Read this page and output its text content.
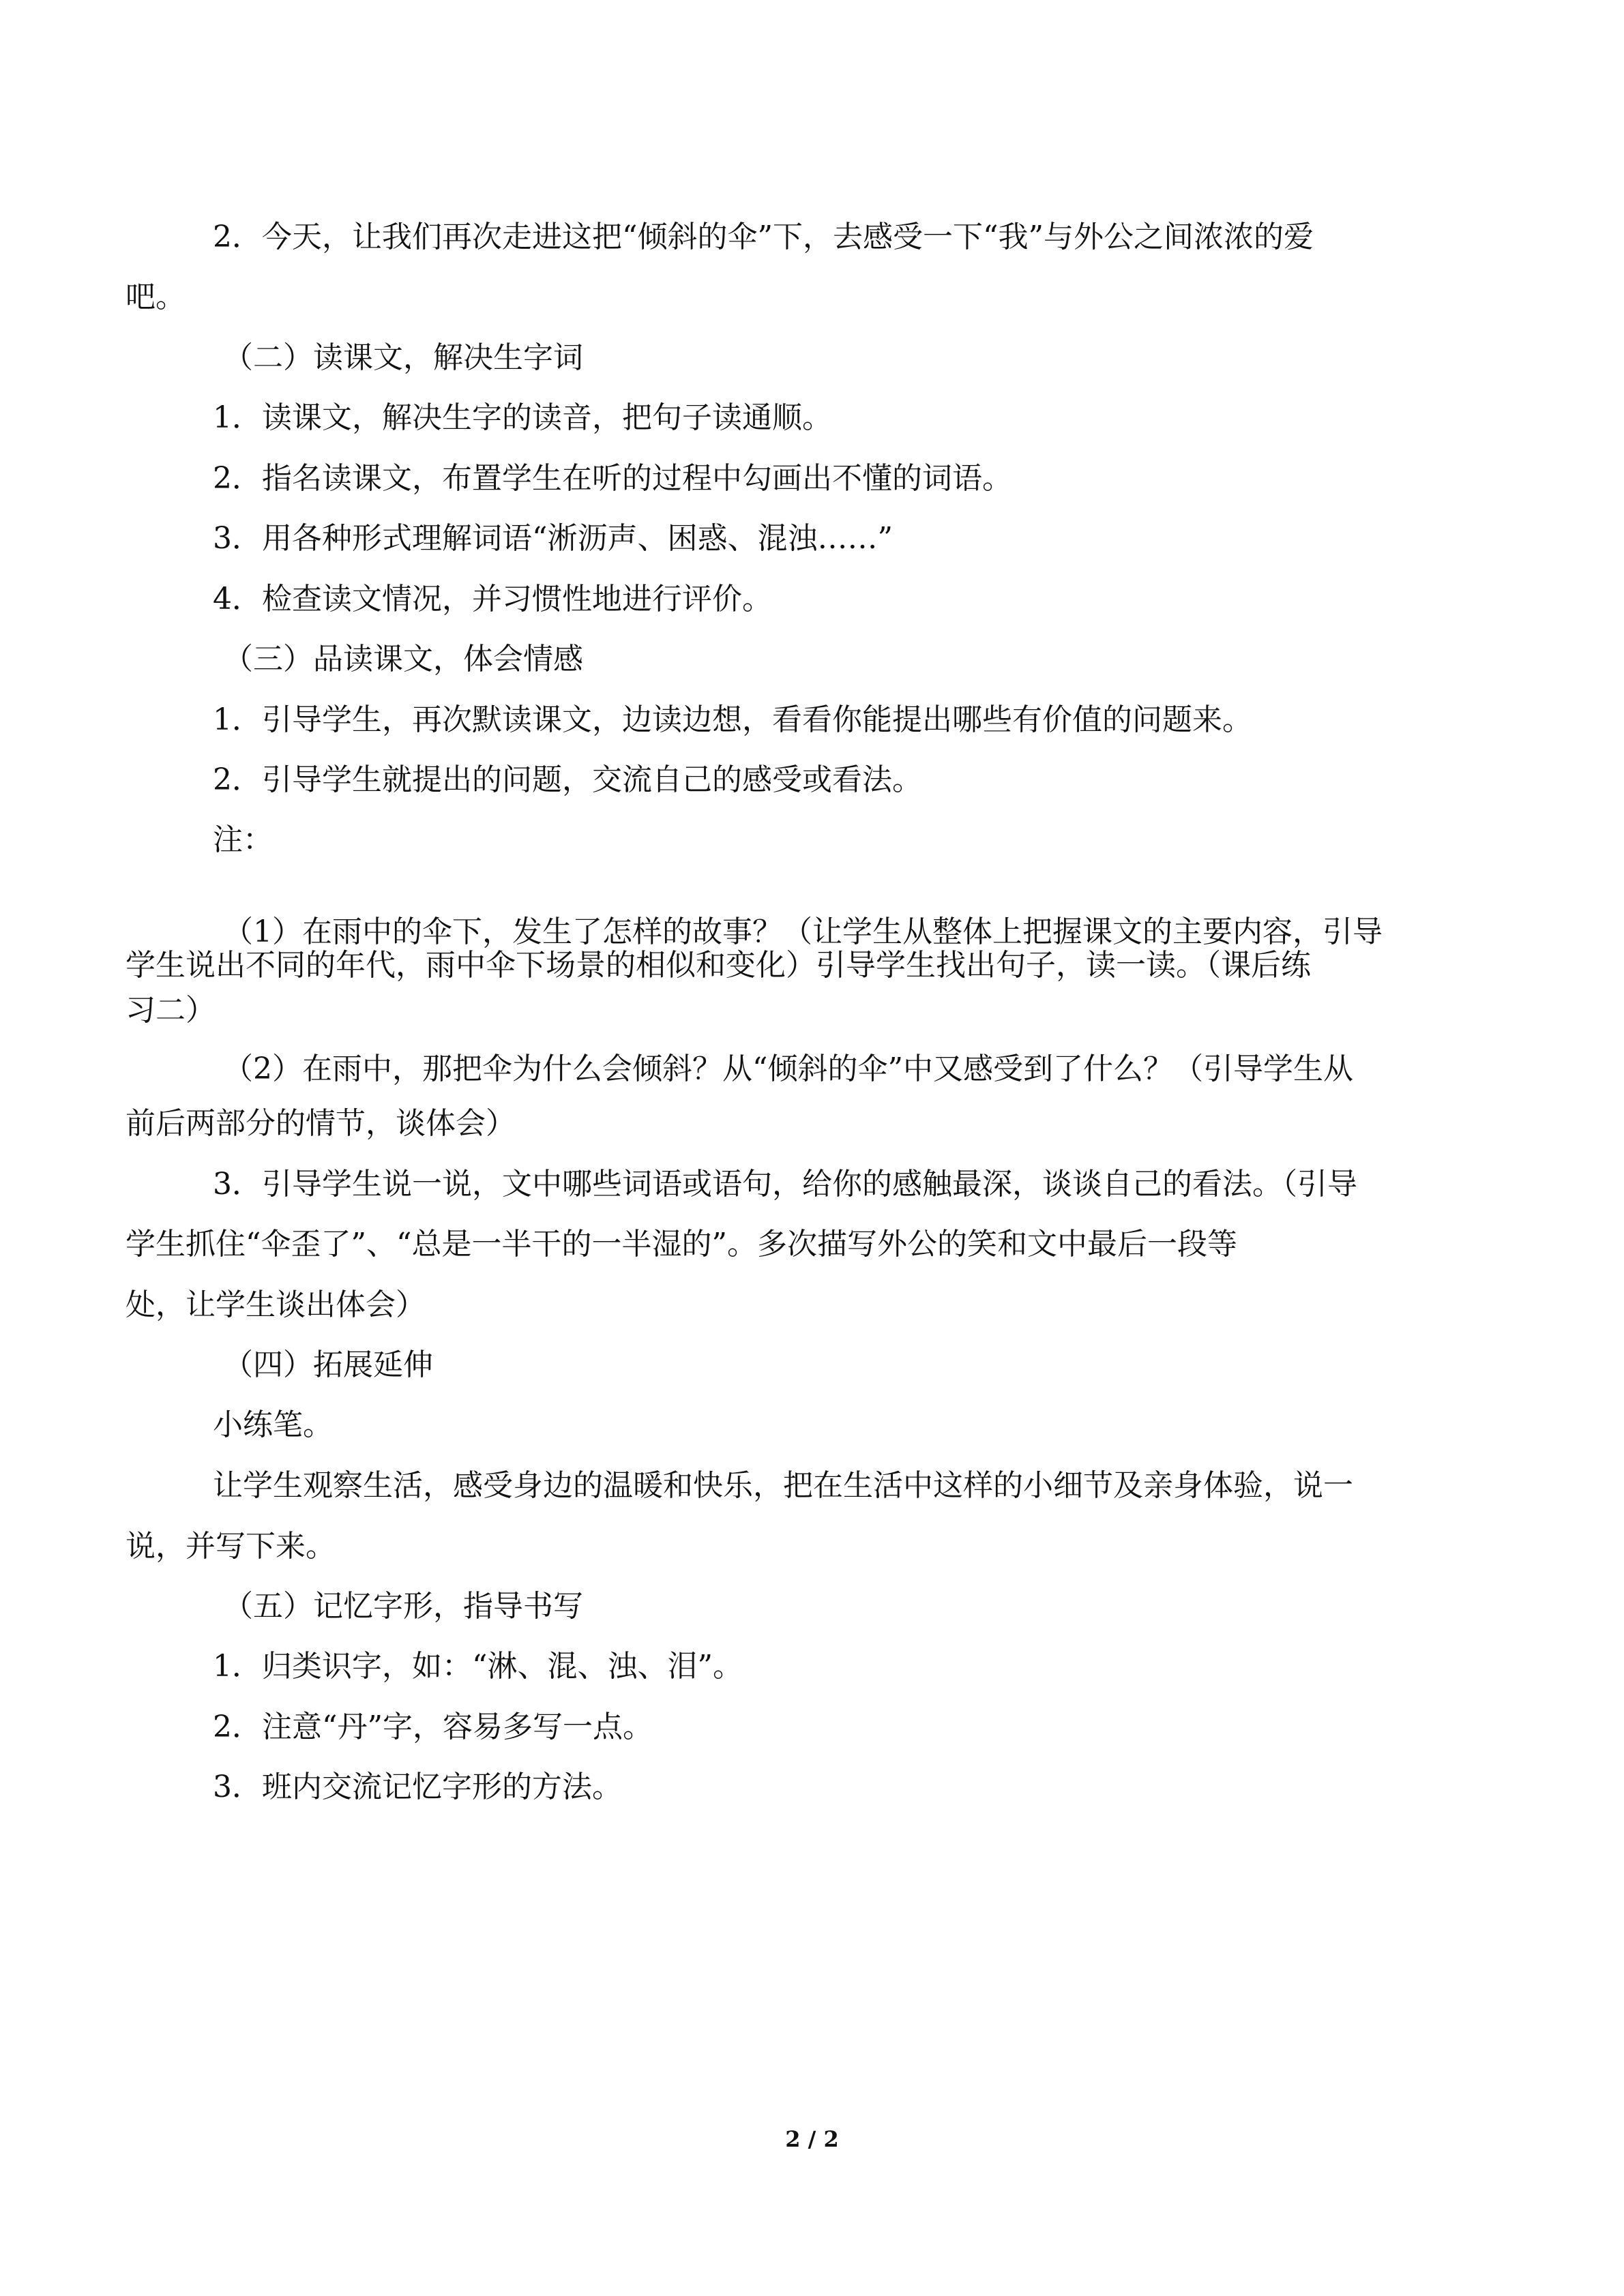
2．今天，让我们再次走进这把“倾斜的伞”下，去感受一下“我”与外公之间浓浓的爱
吧。
（二）读课文，解决生字词
1．读课文，解决生字的读音，把句子读通顺。
2．指名读课文，布置学生在听的过程中勾画出不懂的词语。
3．用各种形式理解词语“淅沥声、困惑、混浊……”
4．检查读文情况，并习惯性地进行评价。
（三）品读课文，体会情感
1．引导学生，再次默读课文，边读边想，看看你能提出哪些有价值的问题来。
2．引导学生就提出的问题，交流自己的感受或看法。
注：
（1）在雨中的伞下，发生了怎样的故事？（让学生从整体上把握课文的主要内容，引导
学生说出不同的年代，雨中伞下场景的相似和变化）引导学生找出句子，读一读。（课后练
习二）
（2）在雨中，那把伞为什么会倾斜？从“倾斜的伞”中又感受到了什么？（引导学生从
前后两部分的情节，谈体会）
3．引导学生说一说，文中哪些词语或语句，给你的感触最深，谈谈自己的看法。（引导
学生抓住“伞歪了”、“总是一半干的一半湿的”。多次描写外公的笑和文中最后一段等
处，让学生谈出体会）
（四）拓展延伸
小练笔。
让学生观察生活，感受身边的温暖和快乐，把在生活中这样的小细节及亲身体验，说一
说，并写下来。
（五）记忆字形，指导书写
1．归类识字，如：“淋、混、浊、泪”。
2．注意“丹”字，容易多写一点。
3．班内交流记忆字形的方法。
2 / 2
